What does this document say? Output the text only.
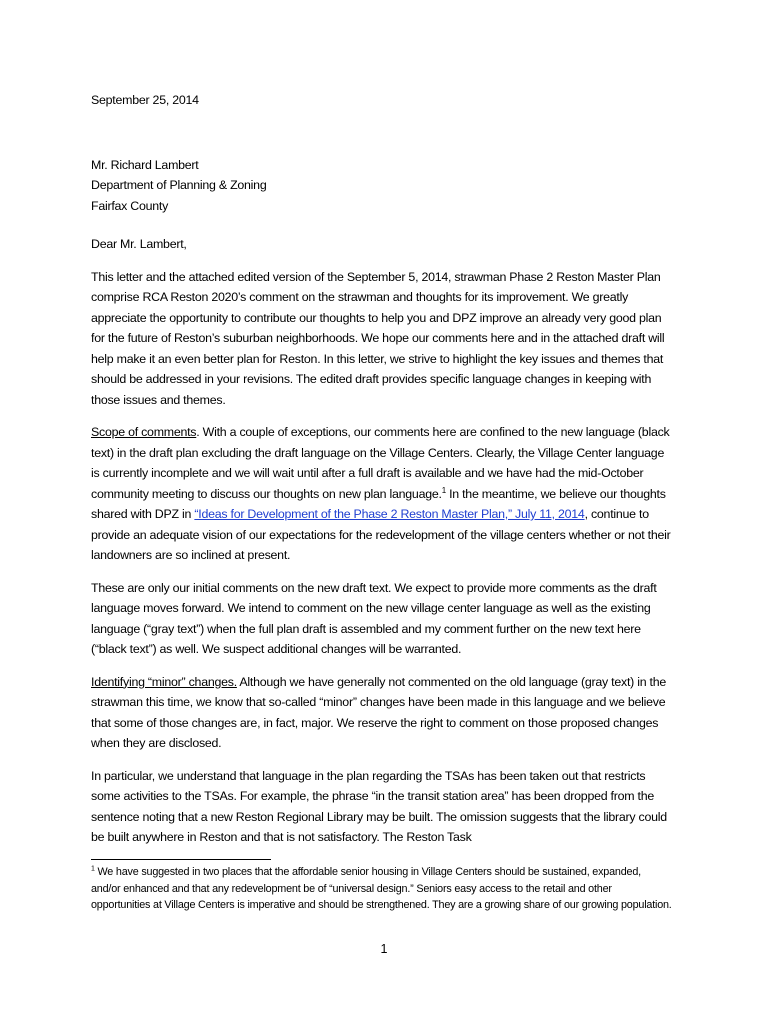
September 25, 2014

Mr. Richard Lambert
Department of Planning & Zoning
Fairfax County

Dear Mr. Lambert,

This letter and the attached edited version of the September 5, 2014, strawman Phase 2 Reston Master Plan comprise RCA Reston 2020’s comment on the strawman and thoughts for its improvement. We greatly appreciate the opportunity to contribute our thoughts to help you and DPZ improve an already very good plan for the future of Reston’s suburban neighborhoods. We hope our comments here and in the attached draft will help make it an even better plan for Reston. In this letter, we strive to highlight the key issues and themes that should be addressed in your revisions. The edited draft provides specific language changes in keeping with those issues and themes.

Scope of comments. With a couple of exceptions, our comments here are confined to the new language (black text) in the draft plan excluding the draft language on the Village Centers. Clearly, the Village Center language is currently incomplete and we will wait until after a full draft is available and we have had the mid-October community meeting to discuss our thoughts on new plan language.$^1$ In the meantime, we believe our thoughts shared with DPZ in “Ideas for Development of the Phase 2 Reston Master Plan,” July 11, 2014, continue to provide an adequate vision of our expectations for the redevelopment of the village centers whether or not their landowners are so inclined at present.

These are only our initial comments on the new draft text. We expect to provide more comments as the draft language moves forward. We intend to comment on the new village center language as well as the existing language (“gray text”) when the full plan draft is assembled and my comment further on the new text here (“black text”) as well. We suspect additional changes will be warranted.

Identifying “minor” changes. Although we have generally not commented on the old language (gray text) in the strawman this time, we know that so-called “minor” changes have been made in this language and we believe that some of those changes are, in fact, major. We reserve the right to comment on those proposed changes when they are disclosed.

In particular, we understand that language in the plan regarding the TSAs has been taken out that restricts some activities to the TSAs. For example, the phrase “in the transit station area” has been dropped from the sentence noting that a new Reston Regional Library may be built. The omission suggests that the library could be built anywhere in Reston and that is not satisfactory. The Reston Task

$^1$ We have suggested in two places that the affordable senior housing in Village Centers should be sustained, expanded, and/or enhanced and that any redevelopment be of “universal design.” Seniors easy access to the retail and other opportunities at Village Centers is imperative and should be strengthened. They are a growing share of our growing population.
1
